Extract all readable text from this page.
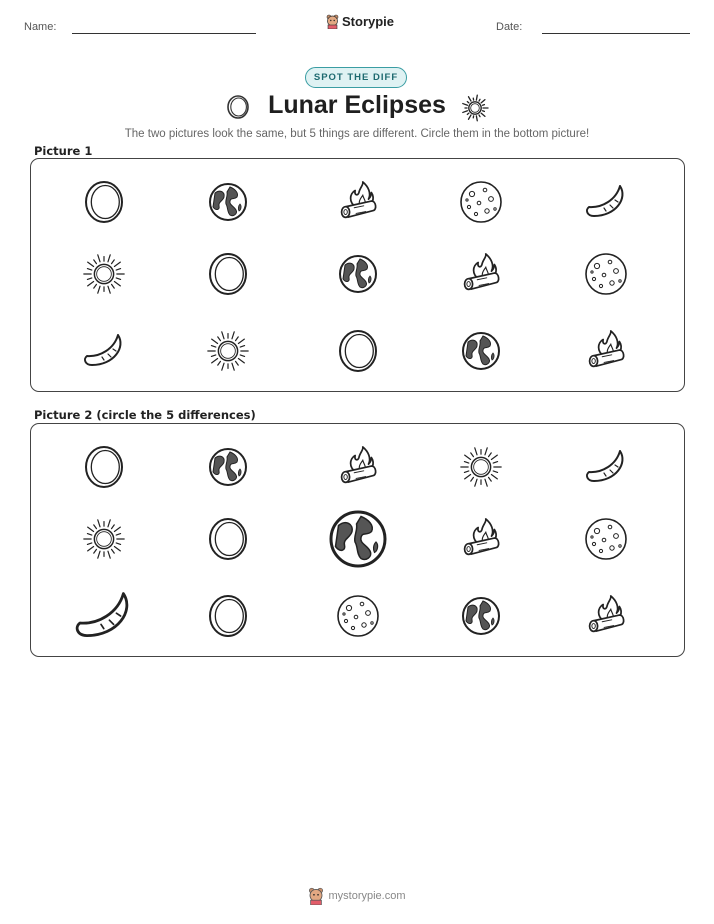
Name:	Storypie	Date:
SPOT THE DIFF
Lunar Eclipses
The two pictures look the same, but 5 things are different. Circle them in the bottom picture!
Picture 1
Picture 2 (circle the 5 differences)
mystorypie.com
